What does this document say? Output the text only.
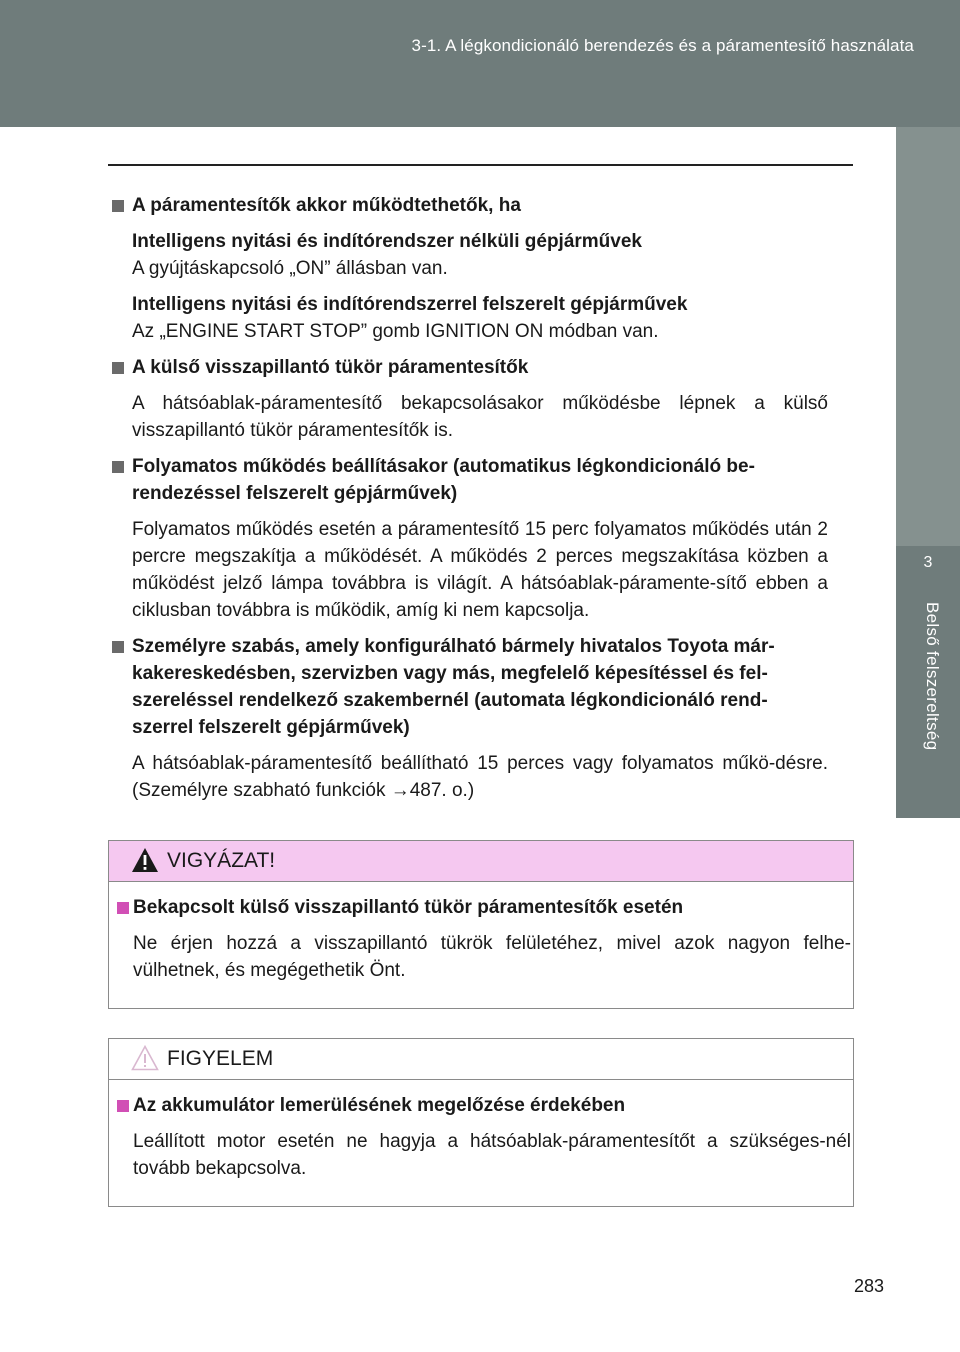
3-1. A légkondicionáló berendezés és a páramentesítő használata
3
Belső felszereltség

A páramentesítők akkor működtethetők, ha

Intelligens nyitási és indítórendszer nélküli gépjárművek

A gyújtáskapcsoló „ON” állásban van.

Intelligens nyitási és indítórendszerrel felszerelt gépjárművek

Az „ENGINE START STOP” gomb IGNITION ON módban van.

A külső visszapillantó tükör páramentesítők

A hátsóablak-páramentesítő bekapcsolásakor működésbe lépnek a külső visszapillantó tükör páramentesítők is.

Folyamatos működés beállításakor (automatikus légkondicionáló be-rendezéssel felszerelt gépjárművek)

Folyamatos működés esetén a páramentesítő 15 perc folyamatos működés után 2 percre megszakítja a működését. A működés 2 perces megszakítása közben a működést jelző lámpa továbbra is világít. A hátsóablak-páramente-sítő ebben a ciklusban továbbra is működik, amíg ki nem kapcsolja.

Személyre szabás, amely konfigurálható bármely hivatalos Toyota már-kakereskedésben, szervizben vagy más, megfelelő képesítéssel és fel-szereléssel rendelkező szakembernél (automata légkondicionáló rend-szerrel felszerelt gépjárművek)

A hátsóablak-páramentesítő beállítható 15 perces vagy folyamatos műkö-désre. (Személyre szabható funkciók →487. o.)

VIGYÁZAT!

Bekapcsolt külső visszapillantó tükör páramentesítők esetén

Ne érjen hozzá a visszapillantó tükrök felületéhez, mivel azok nagyon felhe-vülhetnek, és megégethetik Önt.

FIGYELEM

Az akkumulátor lemerülésének megelőzése érdekében

Leállított motor esetén ne hagyja a hátsóablak-páramentesítőt a szükséges-nél tovább bekapcsolva.

283
